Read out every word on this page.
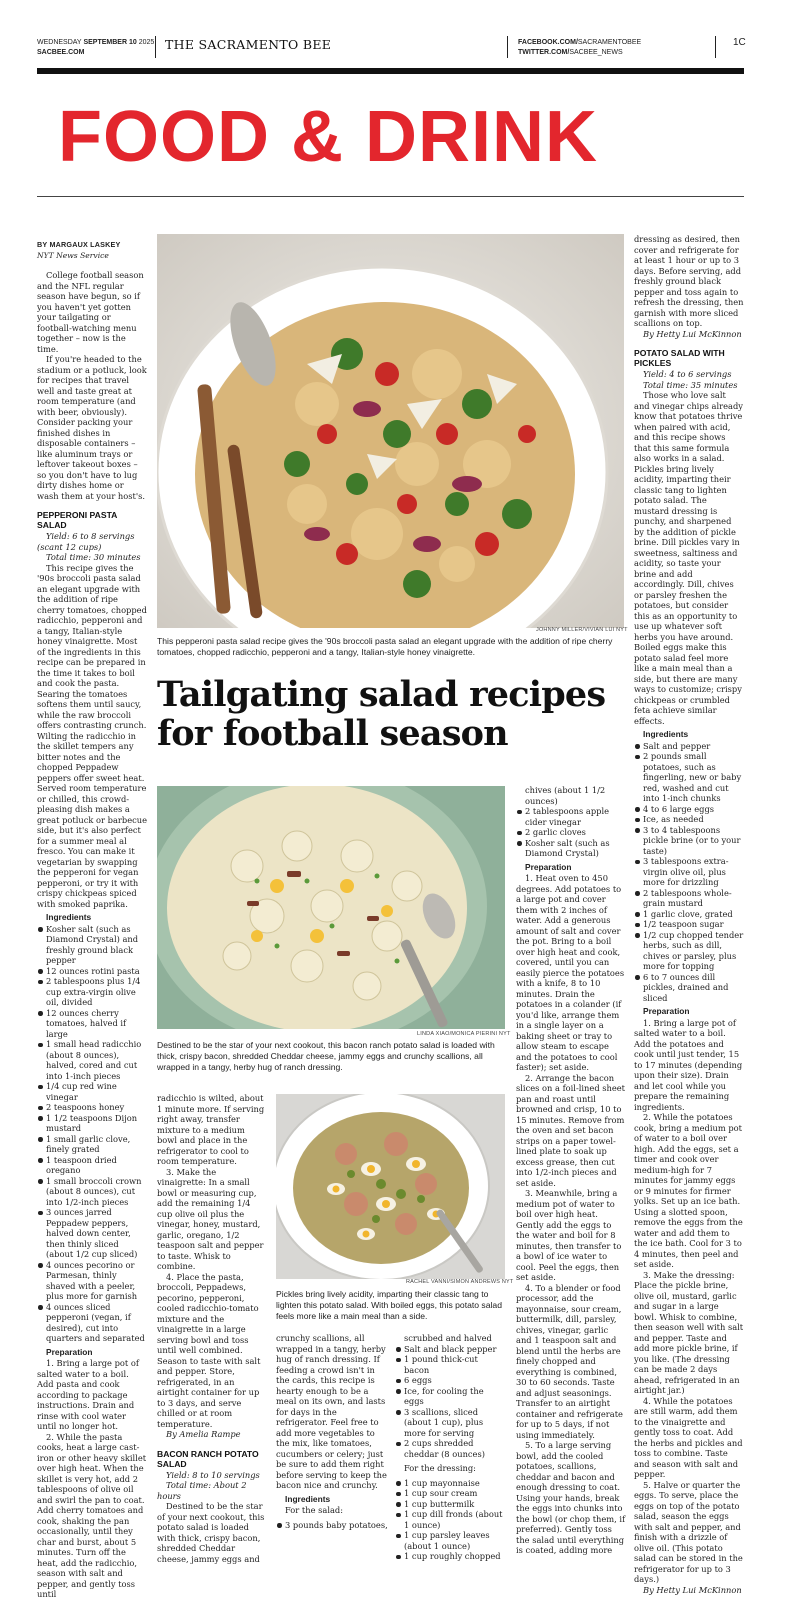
WEDNESDAY SEPTEMBER 10 2025
SACBEE.COM
THE SACRAMENTO BEE	FACEBOOK.COM/SACRAMENTOBEE
TWITTER.COM/SACBEE_NEWS
1C
FOOD & DRINK
JOHNNY MILLER/VIVIAN LUI NYT
This pepperoni pasta salad recipe gives the '90s broccoli pasta salad an elegant upgrade with the addition of ripe cherry tomatoes, chopped radicchio, pepperoni and a tangy, Italian-style honey vinaigrette.
Tailgating salad recipes for football season
LINDA XIAO/MONICA PIERINI NYT
Destined to be the star of your next cookout, this bacon ranch potato salad is loaded with thick, crispy bacon, shredded Cheddar cheese, jammy eggs and crunchy scallions, all wrapped in a tangy, herby hug of ranch dressing.
RACHEL VANNI/SIMON ANDREWS NYT
Pickles bring lively acidity, imparting their classic tang to lighten this potato salad. With boiled eggs, this potato salad feels more like a main meal than a side.
BY MARGAUX LASKEY
NYT News Service

College football season and the NFL regular season have begun, so if you haven't yet gotten your tailgating or football-watching menu together – now is the time.

If you're headed to the stadium or a potluck, look for recipes that travel well and taste great at room temperature (and with beer, obviously). Consider packing your finished dishes in disposable containers – like aluminum trays or leftover takeout boxes – so you don't have to lug dirty dishes home or wash them at your host's.

PEPPERONI PASTA SALAD

Yield: 6 to 8 servings (scant 12 cups)

Total time: 30 minutes

This recipe gives the '90s broccoli pasta salad an elegant upgrade with the addition of ripe cherry tomatoes, chopped radicchio, pepperoni and a tangy, Italian-style honey vinaigrette. Most of the ingredients in this recipe can be prepared in the time it takes to boil and cook the pasta. Searing the tomatoes softens them until saucy, while the raw broccoli offers contrasting crunch. Wilting the radicchio in the skillet tempers any bitter notes and the chopped Peppadew peppers offer sweet heat. Served room temperature or chilled, this crowd-pleasing dish makes a great potluck or barbecue side, but it's also perfect for a summer meal al fresco. You can make it vegetarian by swapping the pepperoni for vegan pepperoni, or try it with crispy chickpeas spiced with smoked paprika.

Ingredients
Kosher salt (such as Diamond Crystal) and freshly ground black pepper
12 ounces rotini pasta
2 tablespoons plus 1/4 cup extra-virgin olive oil, divided
12 ounces cherry tomatoes, halved if large
1 small head radicchio (about 8 ounces), halved, cored and cut into 1-inch pieces
1/4 cup red wine vinegar
2 teaspoons honey
1 1/2 teaspoons Dijon mustard
1 small garlic clove, finely grated
1 teaspoon dried oregano
1 small broccoli crown (about 8 ounces), cut into 1/2-inch pieces
3 ounces jarred Peppadew peppers, halved down center, then thinly sliced (about 1/2 cup sliced)
4 ounces pecorino or Parmesan, thinly shaved with a peeler, plus more for garnish
4 ounces sliced pepperoni (vegan, if desired), cut into quarters and separated
Preparation

1. Bring a large pot of salted water to a boil. Add pasta and cook according to package instructions. Drain and rinse with cool water until no longer hot.

2. While the pasta cooks, heat a large cast-iron or other heavy skillet over high heat. When the skillet is very hot, add 2 tablespoons of olive oil and swirl the pan to coat. Add cherry tomatoes and cook, shaking the pan occasionally, until they char and burst, about 5 minutes. Turn off the heat, add the radicchio, season with salt and pepper, and gently toss until

radicchio is wilted, about 1 minute more. If serving right away, transfer mixture to a medium bowl and place in the refrigerator to cool to room temperature.

3. Make the vinaigrette: In a small bowl or measuring cup, add the remaining 1/4 cup olive oil plus the vinegar, honey, mustard, garlic, oregano, 1/2 teaspoon salt and pepper to taste. Whisk to combine.

4. Place the pasta, broccoli, Peppadews, pecorino, pepperoni, cooled radicchio-tomato mixture and the vinaigrette in a large serving bowl and toss until well combined. Season to taste with salt and pepper. Store, refrigerated, in an airtight container for up to 3 days, and serve chilled or at room temperature.

By Amelia Rampe

BACON RANCH POTATO SALAD

Yield: 8 to 10 servings

Total time: About 2 hours

Destined to be the star of your next cookout, this potato salad is loaded with thick, crispy bacon, shredded Cheddar cheese, jammy eggs and

crunchy scallions, all wrapped in a tangy, herby hug of ranch dressing. If feeding a crowd isn't in the cards, this recipe is hearty enough to be a meal on its own, and lasts for days in the refrigerator. Feel free to add more vegetables to the mix, like tomatoes, cucumbers or celery; just be sure to add them right before serving to keep the bacon nice and crunchy.

Ingredients

For the salad:

3 pounds baby potatoes,

scrubbed and halved

Salt and black pepper
1 pound thick-cut bacon
6 eggs
Ice, for cooling the eggs
3 scallions, sliced (about 1 cup), plus more for serving
2 cups shredded cheddar (8 ounces)

For the dressing:

1 cup mayonnaise
1 cup sour cream
1 cup buttermilk
1 cup dill fronds (about 1 ounce)
1 cup parsley leaves (about 1 ounce)
1 cup roughly chopped

chives (about 1 1/2 ounces)

2 tablespoons apple cider vinegar
2 garlic cloves
Kosher salt (such as Diamond Crystal)
Preparation

1. Heat oven to 450 degrees. Add potatoes to a large pot and cover them with 2 inches of water. Add a generous amount of salt and cover the pot. Bring to a boil over high heat and cook, covered, until you can easily pierce the potatoes with a knife, 8 to 10 minutes. Drain the potatoes in a colander (if you'd like, arrange them in a single layer on a baking sheet or tray to allow steam to escape and the potatoes to cool faster); set aside.

2. Arrange the bacon slices on a foil-lined sheet pan and roast until browned and crisp, 10 to 15 minutes. Remove from the oven and set bacon strips on a paper towel-lined plate to soak up excess grease, then cut into 1/2-inch pieces and set aside.

3. Meanwhile, bring a medium pot of water to boil over high heat. Gently add the eggs to the water and boil for 8 minutes, then transfer to a bowl of ice water to cool. Peel the eggs, then set aside.

4. To a blender or food processor, add the mayonnaise, sour cream, buttermilk, dill, parsley, chives, vinegar, garlic and 1 teaspoon salt and blend until the herbs are finely chopped and everything is combined, 30 to 60 seconds. Taste and adjust seasonings. Transfer to an airtight container and refrigerate for up to 5 days, if not using immediately.

5. To a large serving bowl, add the cooled potatoes, scallions, cheddar and bacon and enough dressing to coat. Using your hands, break the eggs into chunks into the bowl (or chop them, if preferred). Gently toss the salad until everything is coated, adding more

dressing as desired, then cover and refrigerate for at least 1 hour or up to 3 days. Before serving, add freshly ground black pepper and toss again to refresh the dressing, then garnish with more sliced scallions on top.

By Hetty Lui McKinnon

POTATO SALAD WITH PICKLES

Yield: 4 to 6 servings

Total time: 35 minutes

Those who love salt and vinegar chips already know that potatoes thrive when paired with acid, and this recipe shows that this same formula also works in a salad. Pickles bring lively acidity, imparting their classic tang to lighten potato salad. The mustard dressing is punchy, and sharpened by the addition of pickle brine. Dill pickles vary in sweetness, saltiness and acidity, so taste your brine and add accordingly. Dill, chives or parsley freshen the potatoes, but consider this as an opportunity to use up whatever soft herbs you have around. Boiled eggs make this potato salad feel more like a main meal than a side, but there are many ways to customize; crispy chickpeas or crumbled feta achieve similar effects.

Ingredients
Salt and pepper
2 pounds small potatoes, such as fingerling, new or baby red, washed and cut into 1-inch chunks
4 to 6 large eggs
Ice, as needed
3 to 4 tablespoons pickle brine (or to your taste)
3 tablespoons extra-virgin olive oil, plus more for drizzling
2 tablespoons whole-grain mustard
1 garlic clove, grated
1/2 teaspoon sugar
1/2 cup chopped tender herbs, such as dill, chives or parsley, plus more for topping
6 to 7 ounces dill pickles, drained and sliced
Preparation

1. Bring a large pot of salted water to a boil. Add the potatoes and cook until just tender, 15 to 17 minutes (depending upon their size). Drain and let cool while you prepare the remaining ingredients.

2. While the potatoes cook, bring a medium pot of water to a boil over high. Add the eggs, set a timer and cook over medium-high for 7 minutes for jammy eggs or 9 minutes for firmer yolks. Set up an ice bath. Using a slotted spoon, remove the eggs from the water and add them to the ice bath. Cool for 3 to 4 minutes, then peel and set aside.

3. Make the dressing: Place the pickle brine, olive oil, mustard, garlic and sugar in a large bowl. Whisk to combine, then season well with salt and pepper. Taste and add more pickle brine, if you like. (The dressing can be made 2 days ahead, refrigerated in an airtight jar.)

4. While the potatoes are still warm, add them to the vinaigrette and gently toss to coat. Add the herbs and pickles and toss to combine. Taste and season with salt and pepper.

5. Halve or quarter the eggs. To serve, place the eggs on top of the potato salad, season the eggs with salt and pepper, and finish with a drizzle of olive oil. (This potato salad can be stored in the refrigerator for up to 3 days.)

By Hetty Lui McKinnon
